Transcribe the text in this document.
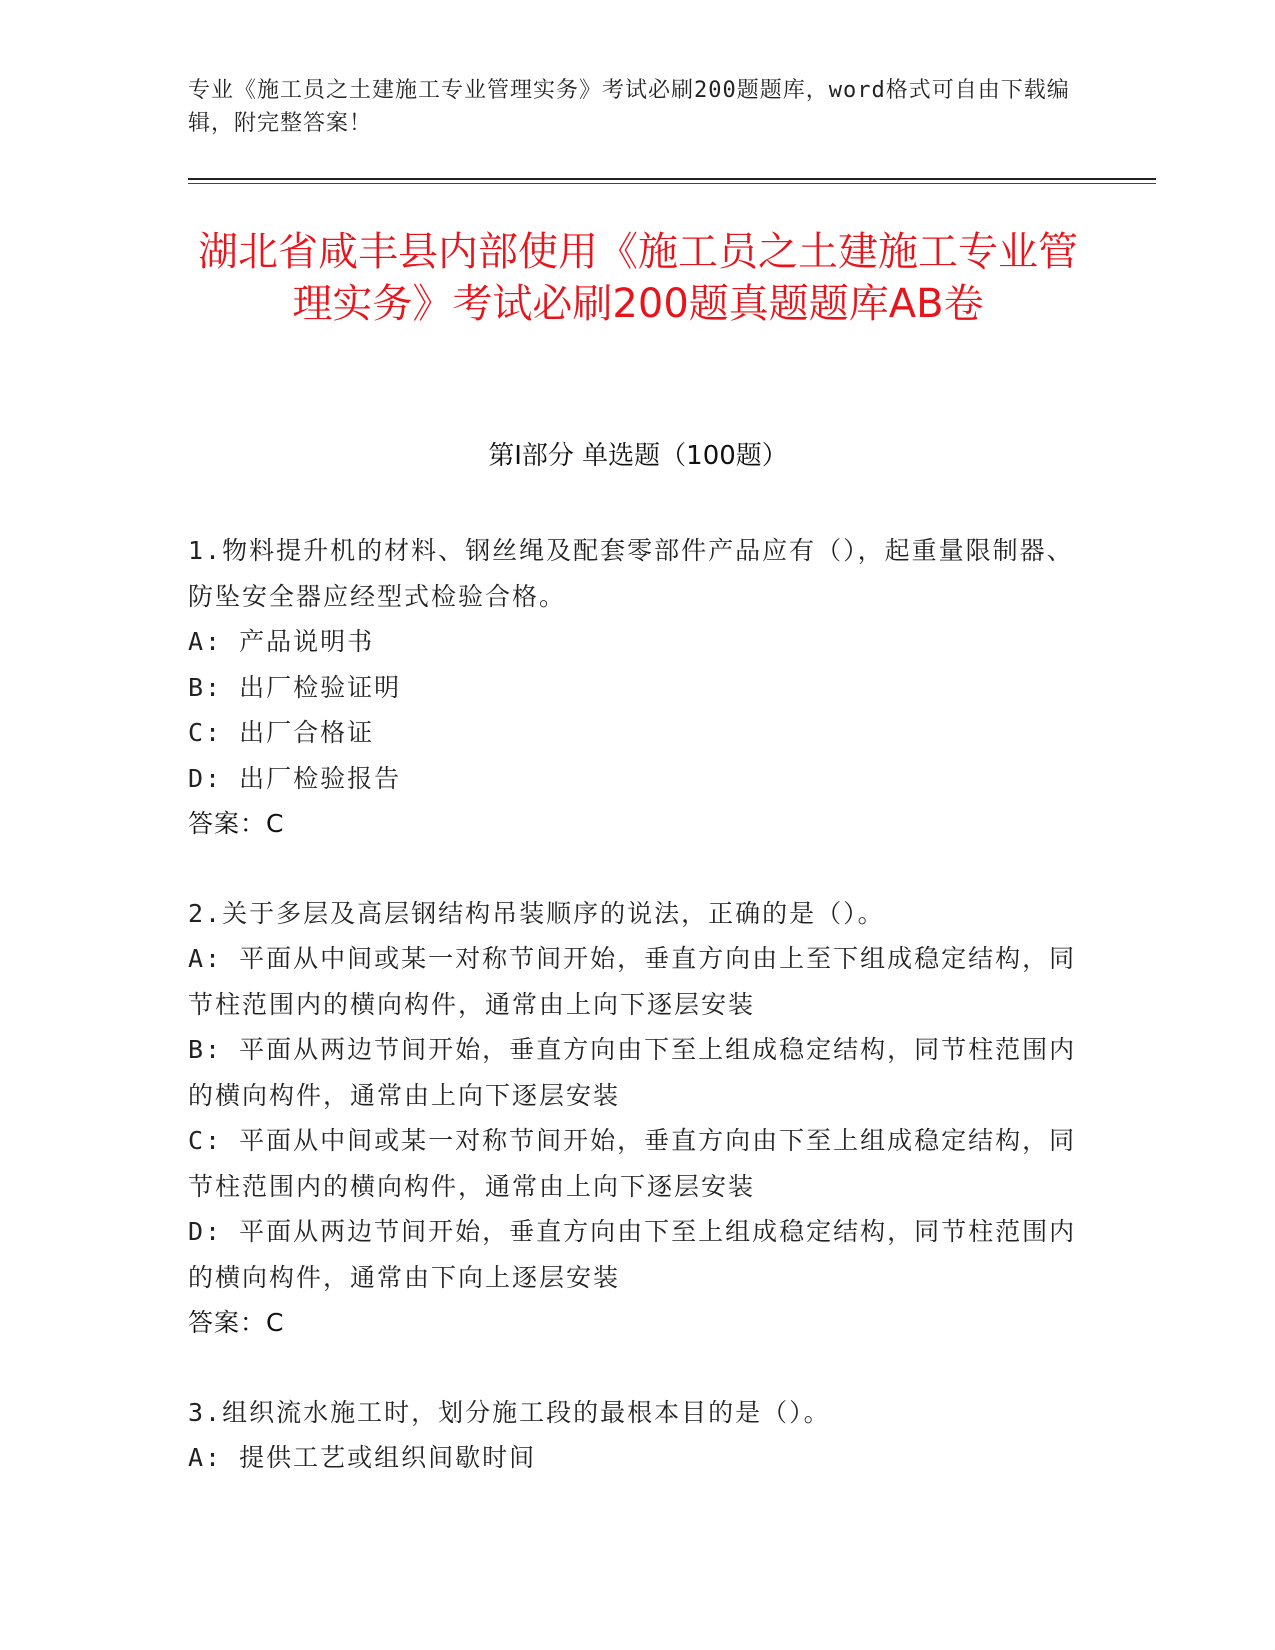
专业《施工员之土建施工专业管理实务》考试必刷200题题库，word格式可自由下载编辑，附完整答案！
湖北省咸丰县内部使用《施工员之土建施工专业管理实务》考试必刷200题真题题库AB卷
第Ⅰ部分 单选题（100题）
1.物料提升机的材料、钢丝绳及配套零部件产品应有（），起重量限制器、防坠安全器应经型式检验合格。
A: 产品说明书
B: 出厂检验证明
C: 出厂合格证
D: 出厂检验报告
答案：C
2.关于多层及高层钢结构吊装顺序的说法，正确的是（）。
A: 平面从中间或某一对称节间开始，垂直方向由上至下组成稳定结构，同节柱范围内的横向构件，通常由上向下逐层安装
B: 平面从两边节间开始，垂直方向由下至上组成稳定结构，同节柱范围内的横向构件，通常由上向下逐层安装
C: 平面从中间或某一对称节间开始，垂直方向由下至上组成稳定结构，同节柱范围内的横向构件，通常由上向下逐层安装
D: 平面从两边节间开始，垂直方向由下至上组成稳定结构，同节柱范围内的横向构件，通常由下向上逐层安装
答案：C
3.组织流水施工时，划分施工段的最根本目的是（）。
A: 提供工艺或组织间歇时间
